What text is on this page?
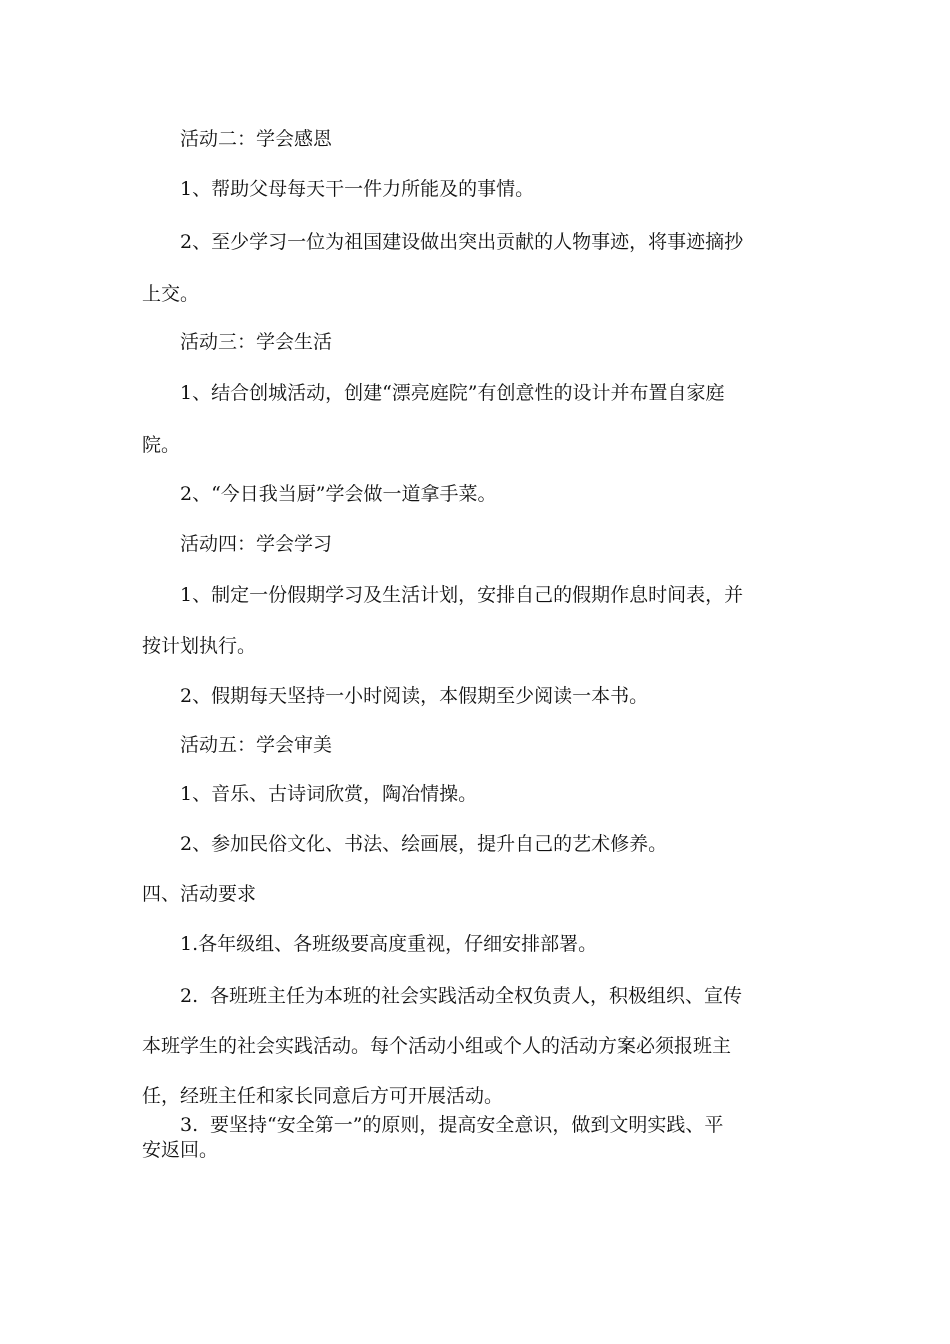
活动二：学会感恩

1、帮助父母每天干一件力所能及的事情。

2、至少学习一位为祖国建设做出突出贡献的人物事迹，将事迹摘抄

上交。

活动三：学会生活

1、结合创城活动，创建“漂亮庭院”有创意性的设计并布置自家庭

院。

2、“今日我当厨”学会做一道拿手菜。

活动四：学会学习

1、制定一份假期学习及生活计划，安排自己的假期作息时间表，并

按计划执行。

2、假期每天坚持一小时阅读，本假期至少阅读一本书。

活动五：学会审美

1、音乐、古诗词欣赏，陶冶情操。

2、参加民俗文化、书法、绘画展，提升自己的艺术修养。

四、活动要求

1.各年级组、各班级要高度重视，仔细安排部署。

2. 各班班主任为本班的社会实践活动全权负责人，积极组织、宣传

本班学生的社会实践活动。每个活动小组或个人的活动方案必须报班主

任，经班主任和家长同意后方可开展活动。

3. 要坚持“安全第一”的原则，提高安全意识，做到文明实践、平

安返回。
